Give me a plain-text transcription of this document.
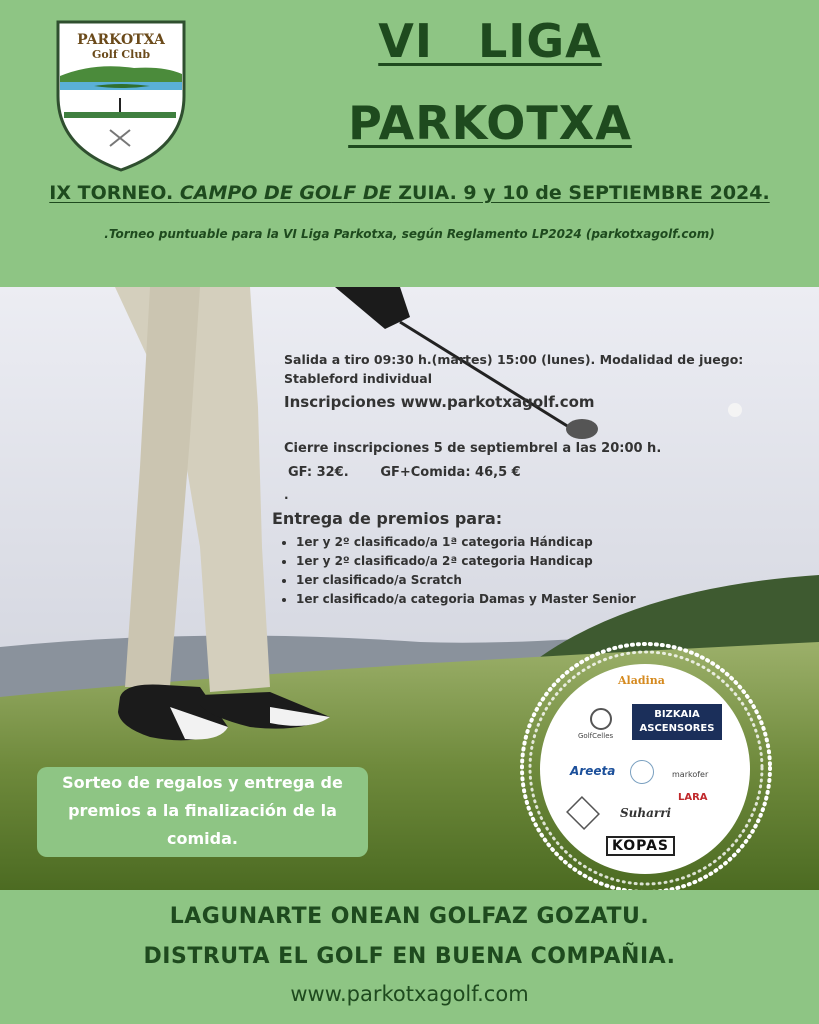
PARKOTXA
Golf Club	VI LIGA
PARKOTXA
IX TORNEO. CAMPO DE GOLF DE ZUIA. 9 y 10 de SEPTIEMBRE 2024.
.Torneo puntuable para la VI Liga Parkotxa, según Reglamento LP2024 (parkotxagolf.com)
Salida a tiro 09:30 h.(martes) 15:00 (lunes). Modalidad de juego: Stableford individual
Inscripciones www.parkotxagolf.com
Cierre inscripciones 5 de septiembrel a las 20:00 h.
GF: 32€.       GF+Comida: 46,5 €
.
Entrega de premios para:
• 1er y 2º clasificado/a 1ª categoria Hándicap
• 1er y 2º clasificado/a 2ª categoria Handicap
• 1er clasificado/a Scratch
• 1er clasificado/a categoria Damas y Master Senior
Sorteo de regalos y entrega de
premios a la finalización de la
comida.
Aladina
GolfCelles
BIZKAIA
ASCENSORES
Areeta	markofer
Suharri
LARA
KOPAS
LAGUNARTE ONEAN GOLFAZ GOZATU.
DISTRUTA EL GOLF EN BUENA COMPAÑIA.
www.parkotxagolf.com
